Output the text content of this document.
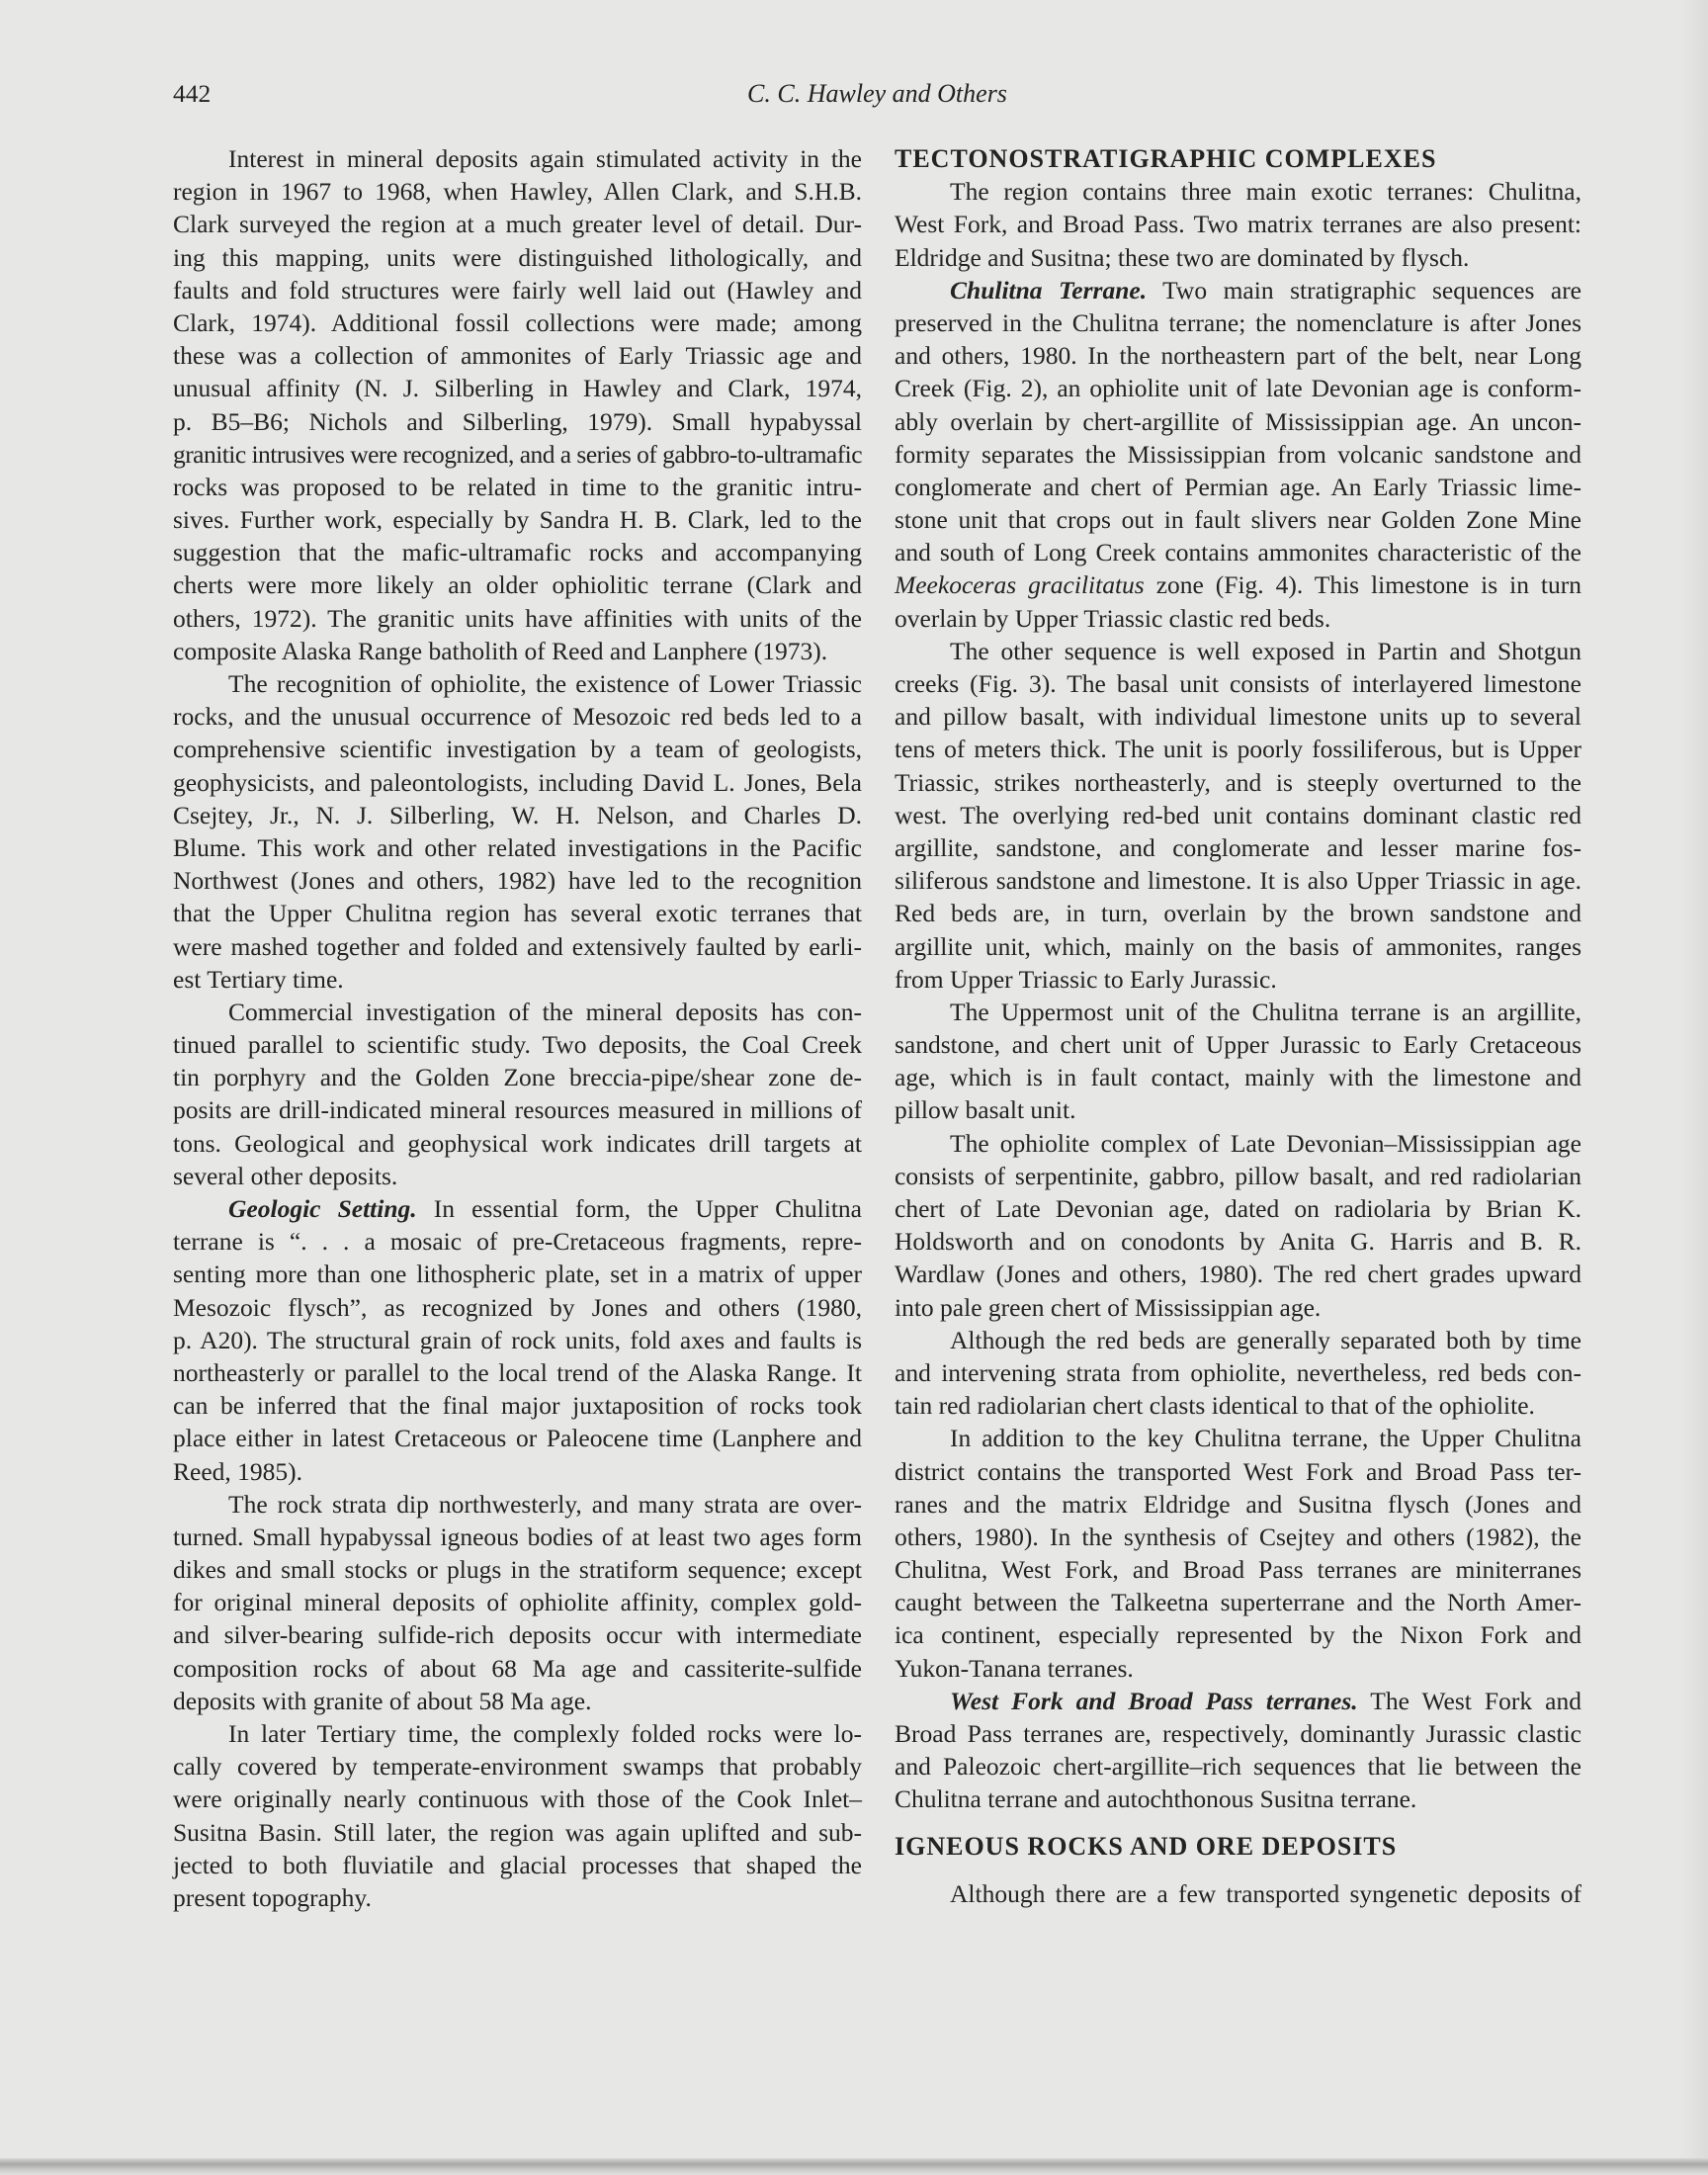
442	C. C. Hawley and Others
Interest in mineral deposits again stimulated activity in the
region in 1967 to 1968, when Hawley, Allen Clark, and S.H.B.
Clark surveyed the region at a much greater level of detail. Dur-
ing this mapping, units were distinguished lithologically, and
faults and fold structures were fairly well laid out (Hawley and
Clark, 1974). Additional fossil collections were made; among
these was a collection of ammonites of Early Triassic age and
unusual affinity (N. J. Silberling in Hawley and Clark, 1974,
p. B5–B6; Nichols and Silberling, 1979). Small hypabyssal
granitic intrusives were recognized, and a series of gabbro-to-ultramafic
rocks was proposed to be related in time to the granitic intru-
sives. Further work, especially by Sandra H. B. Clark, led to the
suggestion that the mafic-ultramafic rocks and accompanying
cherts were more likely an older ophiolitic terrane (Clark and
others, 1972). The granitic units have affinities with units of the
composite Alaska Range batholith of Reed and Lanphere (1973).
The recognition of ophiolite, the existence of Lower Triassic
rocks, and the unusual occurrence of Mesozoic red beds led to a
comprehensive scientific investigation by a team of geologists,
geophysicists, and paleontologists, including David L. Jones, Bela
Csejtey, Jr., N. J. Silberling, W. H. Nelson, and Charles D.
Blume. This work and other related investigations in the Pacific
Northwest (Jones and others, 1982) have led to the recognition
that the Upper Chulitna region has several exotic terranes that
were mashed together and folded and extensively faulted by earli-
est Tertiary time.
Commercial investigation of the mineral deposits has con-
tinued parallel to scientific study. Two deposits, the Coal Creek
tin porphyry and the Golden Zone breccia-pipe/shear zone de-
posits are drill-indicated mineral resources measured in millions of
tons. Geological and geophysical work indicates drill targets at
several other deposits.
Geologic Setting. In essential form, the Upper Chulitna
terrane is “. . . a mosaic of pre-Cretaceous fragments, repre-
senting more than one lithospheric plate, set in a matrix of upper
Mesozoic flysch”, as recognized by Jones and others (1980,
p. A20). The structural grain of rock units, fold axes and faults is
northeasterly or parallel to the local trend of the Alaska Range. It
can be inferred that the final major juxtaposition of rocks took
place either in latest Cretaceous or Paleocene time (Lanphere and
Reed, 1985).
The rock strata dip northwesterly, and many strata are over-
turned. Small hypabyssal igneous bodies of at least two ages form
dikes and small stocks or plugs in the stratiform sequence; except
for original mineral deposits of ophiolite affinity, complex gold-
and silver-bearing sulfide-rich deposits occur with intermediate
composition rocks of about 68 Ma age and cassiterite-sulfide
deposits with granite of about 58 Ma age.
In later Tertiary time, the complexly folded rocks were lo-
cally covered by temperate-environment swamps that probably
were originally nearly continuous with those of the Cook Inlet–
Susitna Basin. Still later, the region was again uplifted and sub-
jected to both fluviatile and glacial processes that shaped the
present topography.
TECTONOSTRATIGRAPHIC COMPLEXES
The region contains three main exotic terranes: Chulitna,
West Fork, and Broad Pass. Two matrix terranes are also present:
Eldridge and Susitna; these two are dominated by flysch.
Chulitna Terrane. Two main stratigraphic sequences are
preserved in the Chulitna terrane; the nomenclature is after Jones
and others, 1980. In the northeastern part of the belt, near Long
Creek (Fig. 2), an ophiolite unit of late Devonian age is conform-
ably overlain by chert-argillite of Mississippian age. An uncon-
formity separates the Mississippian from volcanic sandstone and
conglomerate and chert of Permian age. An Early Triassic lime-
stone unit that crops out in fault slivers near Golden Zone Mine
and south of Long Creek contains ammonites characteristic of the
Meekoceras gracilitatus zone (Fig. 4). This limestone is in turn
overlain by Upper Triassic clastic red beds.
The other sequence is well exposed in Partin and Shotgun
creeks (Fig. 3). The basal unit consists of interlayered limestone
and pillow basalt, with individual limestone units up to several
tens of meters thick. The unit is poorly fossiliferous, but is Upper
Triassic, strikes northeasterly, and is steeply overturned to the
west. The overlying red-bed unit contains dominant clastic red
argillite, sandstone, and conglomerate and lesser marine fos-
siliferous sandstone and limestone. It is also Upper Triassic in age.
Red beds are, in turn, overlain by the brown sandstone and
argillite unit, which, mainly on the basis of ammonites, ranges
from Upper Triassic to Early Jurassic.
The Uppermost unit of the Chulitna terrane is an argillite,
sandstone, and chert unit of Upper Jurassic to Early Cretaceous
age, which is in fault contact, mainly with the limestone and
pillow basalt unit.
The ophiolite complex of Late Devonian–Mississippian age
consists of serpentinite, gabbro, pillow basalt, and red radiolarian
chert of Late Devonian age, dated on radiolaria by Brian K.
Holdsworth and on conodonts by Anita G. Harris and B. R.
Wardlaw (Jones and others, 1980). The red chert grades upward
into pale green chert of Mississippian age.
Although the red beds are generally separated both by time
and intervening strata from ophiolite, nevertheless, red beds con-
tain red radiolarian chert clasts identical to that of the ophiolite.
In addition to the key Chulitna terrane, the Upper Chulitna
district contains the transported West Fork and Broad Pass ter-
ranes and the matrix Eldridge and Susitna flysch (Jones and
others, 1980). In the synthesis of Csejtey and others (1982), the
Chulitna, West Fork, and Broad Pass terranes are miniterranes
caught between the Talkeetna superterrane and the North Amer-
ica continent, especially represented by the Nixon Fork and
Yukon-Tanana terranes.
West Fork and Broad Pass terranes. The West Fork and
Broad Pass terranes are, respectively, dominantly Jurassic clastic
and Paleozoic chert-argillite–rich sequences that lie between the
Chulitna terrane and autochthonous Susitna terrane.
IGNEOUS ROCKS AND ORE DEPOSITS
Although there are a few transported syngenetic deposits of
